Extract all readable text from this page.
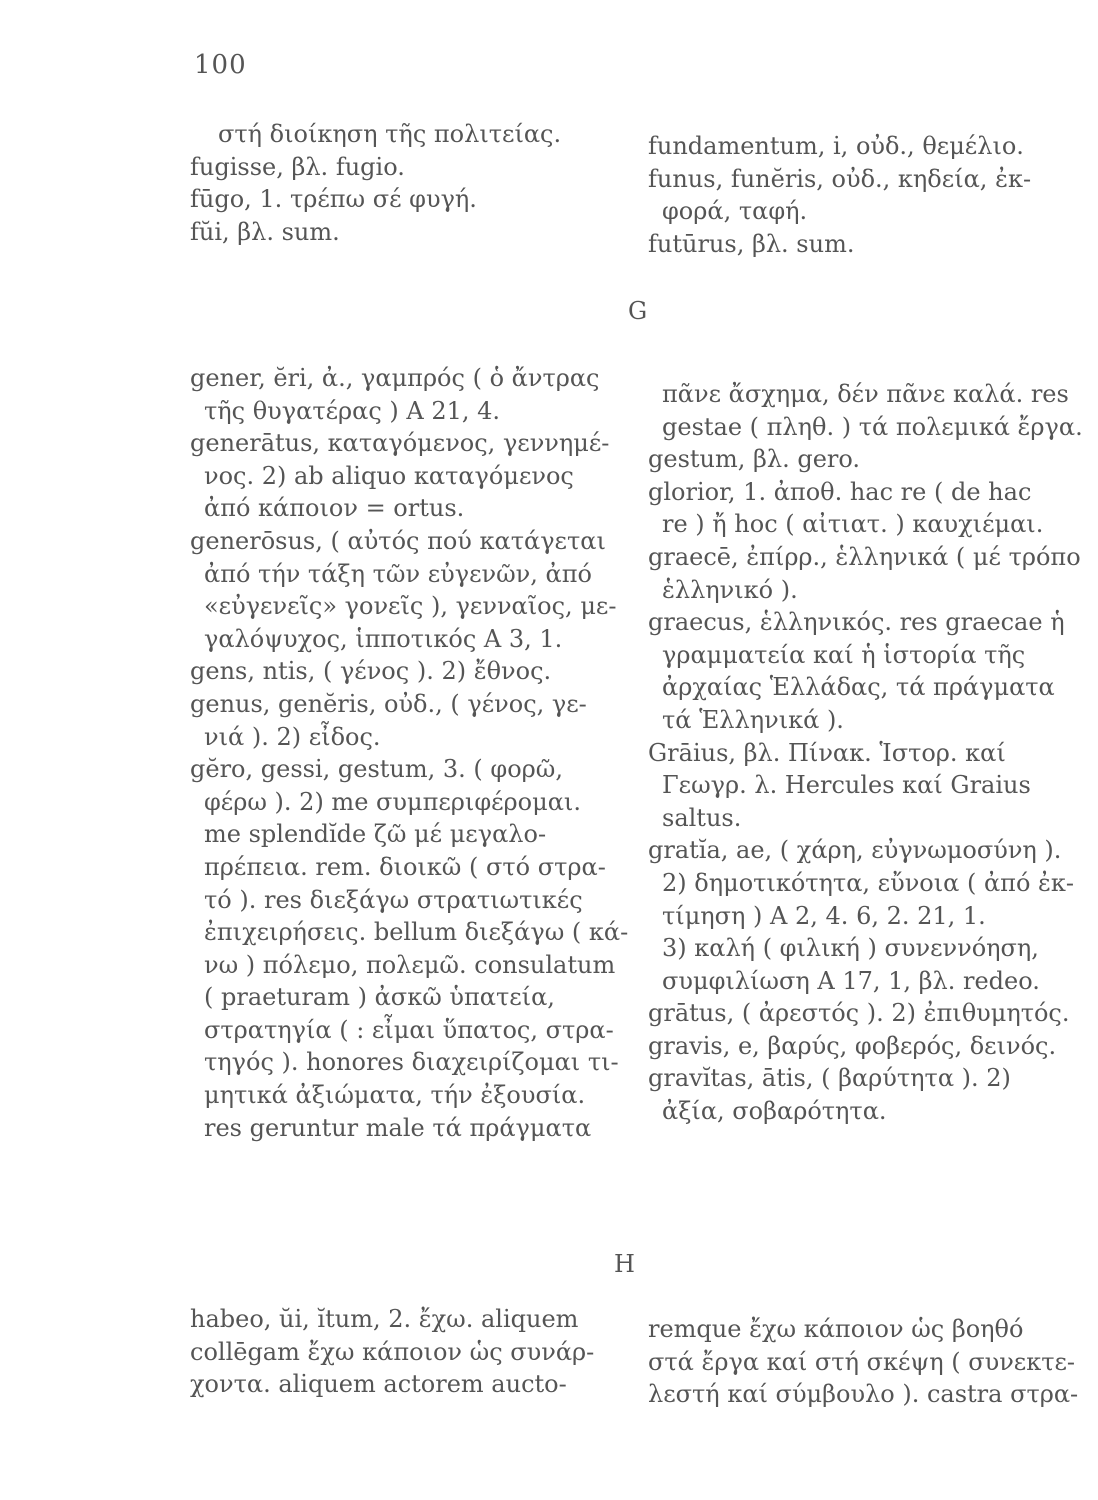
100
στή διοίκηση τῆς πολιτείας.
fugisse, βλ. fugio.
fūgo, 1. τρέπω σέ φυγή.
fŭi, βλ. sum.
fundamentum, i, οὐδ., θεμέλιο.
funus, funĕris, οὐδ., κηδεία, ἐκ-
φορά, ταφή.
futūrus, βλ. sum.
G
gener, ĕri, ἀ., γαμπρός ( ὁ ἄντρας
τῆς θυγατέρας ) A 21, 4.
generātus, καταγόμενος, γεννημέ-
νος. 2) ab aliquo καταγόμενος
ἀπό κάποιον = ortus.
generōsus, ( αὐτός πού κατάγεται
ἀπό τήν τάξη τῶν εὐγενῶν, ἀπό
«εὐγενεῖς» γονεῖς ), γενναῖος, με-
γαλόψυχος, ἱπποτικός A 3, 1.
gens, ntis, ( γένος ). 2) ἔθνος.
genus, genĕris, οὐδ., ( γένος, γε-
νιά ). 2) εἶδος.
gĕro, gessi, gestum, 3. ( φορῶ,
φέρω ). 2) me συμπεριφέρομαι.
me splendĭde ζῶ μέ μεγαλο-
πρέπεια. rem. διοικῶ ( στό στρα-
τό ). res διεξάγω στρατιωτικές
ἐπιχειρήσεις. bellum διεξάγω ( κά-
νω ) πόλεμο, πολεμῶ. consulatum
( praeturam ) ἀσκῶ ὑπατεία,
στρατηγία ( : εἶμαι ὕπατος, στρα-
τηγός ). honores διαχειρίζομαι τι-
μητικά ἀξιώματα, τήν ἐξουσία.
res geruntur male τά πράγματα
πᾶνε ἄσχημα, δέν πᾶνε καλά. res
gestae ( πληθ. ) τά πολεμικά ἔργα.
gestum, βλ. gero.
glorior, 1. ἀποθ. hac re ( de hac
re ) ἤ hoc ( αἰτιατ. ) καυχιέμαι.
graecē, ἐπίρρ., ἑλληνικά ( μέ τρόπο
ἑλληνικό ).
graecus, ἑλληνικός. res graecae ἡ
γραμματεία καί ἡ ἱστορία τῆς
ἀρχαίας Ἑλλάδας, τά πράγματα
τά Ἑλληνικά ).
Grāius, βλ. Πίνακ. Ἱστορ. καί
Γεωγρ. λ. Hercules καί Graius
saltus.
gratĭa, ae, ( χάρη, εὐγνωμοσύνη ).
2) δημοτικότητα, εὔνοια ( ἀπό ἐκ-
τίμηση ) A 2, 4. 6, 2. 21, 1.
3) καλή ( φιλική ) συνεννόηση,
συμφιλίωση A 17, 1, βλ. redeo.
grātus, ( ἀρεστός ). 2) ἐπιθυμητός.
gravis, e, βαρύς, φοβερός, δεινός.
gravĭtas, ātis, ( βαρύτητα ). 2)
ἀξία, σοβαρότητα.
H
habeo, ŭi, ĭtum, 2. ἔχω. aliquem
collēgam ἔχω κάποιον ὡς συνάρ-
χοντα. aliquem actorem aucto-
remque ἔχω κάποιον ὡς βοηθό
στά ἔργα καί στή σκέψη ( συνεκτε-
λεστή καί σύμβουλο ). castra στρα-
